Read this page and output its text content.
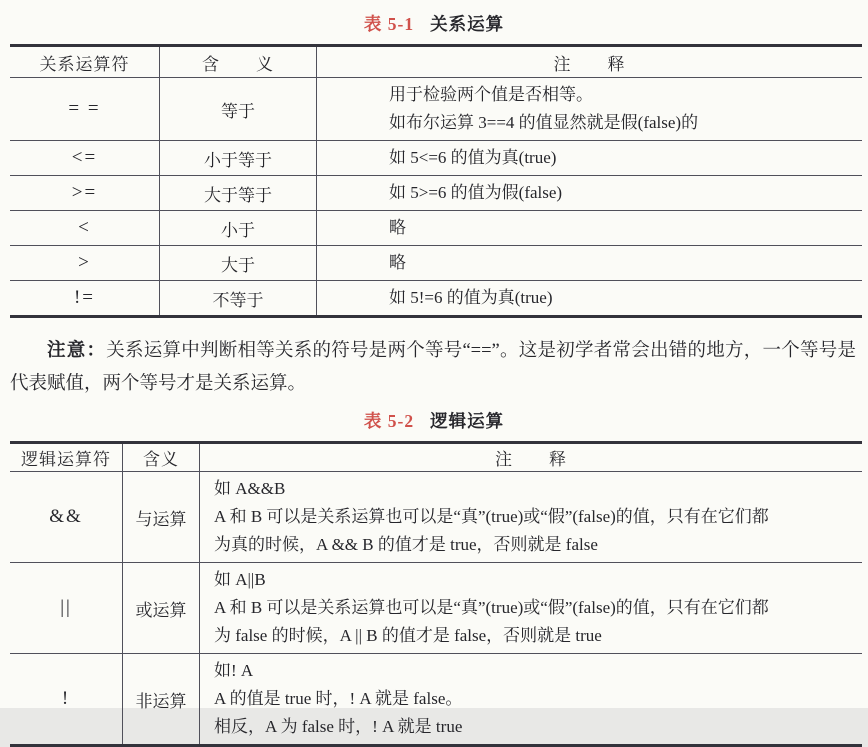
表 5-1 关系运算
关系运算符	含　　义	注　　释
= =	等于
用于检验两个值是否相等。
如布尔运算 3==4 的值显然就是假(false)的
<=	小于等于	如 5<=6 的值为真(true)
>=	大于等于	如 5>=6 的值为假(false)
<	小于	略
>	大于	略
!=	不等于	如 5!=6 的值为真(true)

注意：关系运算中判断相等关系的符号是两个等号“==”。这是初学者常会出错的地方，一个等号是代表赋值，两个等号才是关系运算。

表 5-2 逻辑运算
逻辑运算符	含义	注　　释
&&	与运算
如 A&&B
A 和 B 可以是关系运算也可以是“真”(true)或“假”(false)的值，只有在它们都
为真的时候，A && B 的值才是 true，否则就是 false
||	或运算
如 A||B
A 和 B 可以是关系运算也可以是“真”(true)或“假”(false)的值，只有在它们都
为 false 的时候，A || B 的值才是 false，否则就是 true
!	非运算
如! A
A 的值是 true 时，! A 就是 false。
相反，A 为 false 时，! A 就是 true
